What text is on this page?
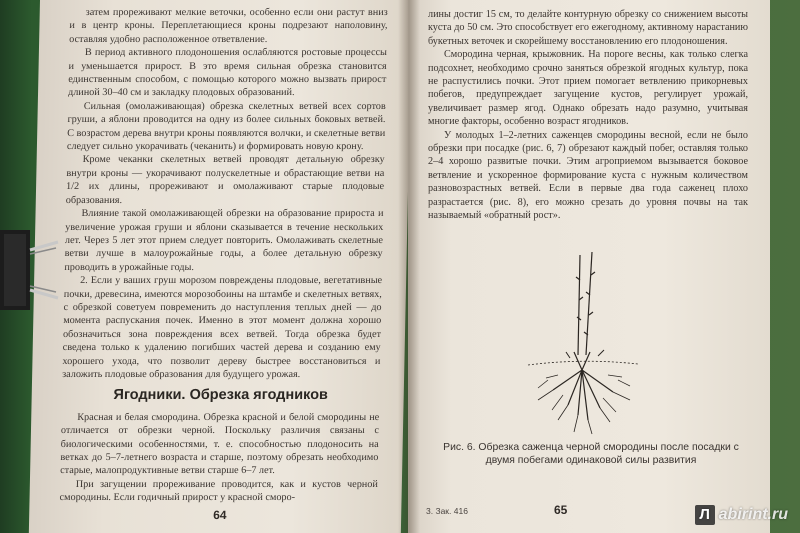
затем прореживают мелкие веточки, особенно если они растут вниз и в центр кроны. Переплетающиеся кроны подрезают наполовину, оставляя удобно расположенное ответвление.

В период активного плодоношения ослабляются ростовые процессы и уменьшается прирост. В это время сильная обрезка становится единственным способом, с помощью которого можно вызвать прирост длиной 30–40 см и закладку плодовых образований.

Сильная (омолаживающая) обрезка скелетных ветвей всех сортов груши, а яблони проводится на одну из более сильных боковых ветвей. С возрастом дерева внутри кроны появляются волчки, и скелетные ветви следует сильно укорачивать (чеканить) и формировать новую крону.

Кроме чеканки скелетных ветвей проводят детальную обрезку внутри кроны — укорачивают полускелетные и обрастающие ветви на 1/2 их длины, прореживают и омолаживают старые плодовые образования.

Влияние такой омолаживающей обрезки на образование прироста и увеличение урожая груши и яблони сказывается в течение нескольких лет. Через 5 лет этот прием следует повторить. Омолаживать скелетные ветви лучше в малоурожайные годы, а более детальную обрезку проводить в урожайные годы.

2. Если у ваших груш морозом повреждены плодовые, вегетативные почки, древесина, имеются морозобоины на штамбе и скелетных ветвях, с обрезкой советуем повременить до наступления теплых дней — до момента распускания почек. Именно в этот момент должна хорошо обозначиться зона повреждения всех ветвей. Тогда обрезка будет сведена только к удалению погибших частей дерева и созданию ему хорошего ухода, что позволит дереву быстрее восстановиться и заложить плодовые образования для будущего урожая.

Ягодники. Обрезка ягодников

Красная и белая смородина. Обрезка красной и белой смородины не отличается от обрезки черной. Поскольку различия связаны с биологическими особенностями, т. е. способностью плодоносить на ветках до 5–7-летнего возраста и старше, поэтому обрезать необходимо старые, малопродуктивные ветви старше 6–7 лет.

При загущении прореживание проводится, как и кустов черной смородины. Если годичный прирост у красной сморо-

64

лины достиг 15 см, то делайте контурную обрезку со снижением высоты куста до 50 см. Это способствует его ежегодному, активному нарастанию букетных веточек и скорейшему восстановлению его плодоношения.

Смородина черная, крыжовник. На пороге весны, как только слегка подсохнет, необходимо срочно заняться обрезкой ягодных культур, пока не распустились почки. Этот прием помогает ветвлению прикорневых побегов, предупреждает загущение кустов, регулирует урожай, увеличивает размер ягод. Однако обрезать надо разумно, учитывая многие факторы, особенно возраст ягодников.

У молодых 1–2-летних саженцев смородины весной, если не было обрезки при посадке (рис. 6, 7) обрезают каждый побег, оставляя только 2–4 хорошо развитые почки. Этим агроприемом вызывается боковое ветвление и ускоренное формирование куста с нужным количеством разновозрастных ветвей. Если в первые два года саженец плохо разрастается (рис. 8), его можно срезать до уровня почвы на так называемый «обратный рост».

Рис. 6. Обрезка саженца черной смородины после посадки с двумя побегами одинаковой силы развития
3. Зак. 416	65	Л abirint.ru
